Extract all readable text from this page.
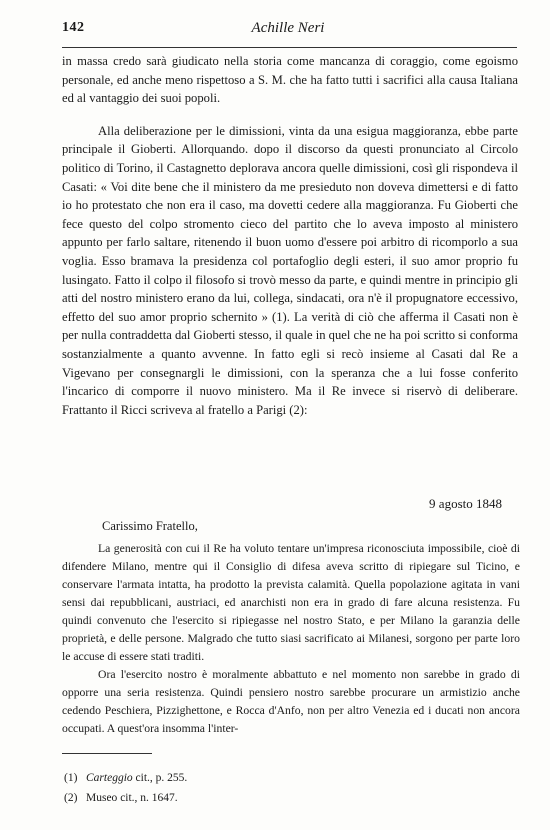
Achille Neri
142

in massa credo sarà giudicato nella storia come mancanza di coraggio, come egoismo personale, ed anche meno rispettoso a S. M. che ha fatto tutti i sacrifici alla causa Italiana ed al vantaggio dei suoi popoli.

Alla deliberazione per le dimissioni, vinta da una esigua maggioranza, ebbe parte principale il Gioberti. Allorquando. dopo il discorso da questi pronunciato al Circolo politico di Torino, il Castagnetto deplorava ancora quelle dimissioni, così gli rispondeva il Casati: « Voi dite bene che il ministero da me presieduto non doveva dimettersi e di fatto io ho protestato che non era il caso, ma dovetti cedere alla maggioranza. Fu Gioberti che fece questo del colpo stromento cieco del partito che lo aveva imposto al ministero appunto per farlo saltare, ritenendo il buon uomo d'essere poi arbitro di ricomporlo a sua voglia. Esso bramava la presidenza col portafoglio degli esteri, il suo amor proprio fu lusingato. Fatto il colpo il filosofo si trovò messo da parte, e quindi mentre in principio gli atti del nostro ministero erano da lui, collega, sindacati, ora n'è il propugnatore eccessivo, effetto del suo amor proprio schernito » (1). La verità di ciò che afferma il Casati non è per nulla contraddetta dal Gioberti stesso, il quale in quel che ne ha poi scritto si conforma sostanzialmente a quanto avvenne. In fatto egli si recò insieme al Casati dal Re a Vigevano per consegnargli le dimissioni, con la speranza che a lui fosse conferito l'incarico di comporre il nuovo ministero. Ma il Re invece si riservò di deliberare. Frattanto il Ricci scriveva al fratello a Parigi (2):

9 agosto 1848
Carissimo Fratello,

La generosità con cui il Re ha voluto tentare un'impresa riconosciuta impossibile, cioè di difendere Milano, mentre qui il Consiglio di difesa aveva scritto di ripiegare sul Ticino, e conservare l'armata intatta, ha prodotto la prevista calamità. Quella popolazione agitata in vani sensi dai repubblicani, austriaci, ed anarchisti non era in grado di fare alcuna resistenza. Fu quindi convenuto che l'esercito si ripiegasse nel nostro Stato, e per Milano la garanzia delle proprietà, e delle persone. Malgrado che tutto siasi sacrificato ai Milanesi, sorgono per parte loro le accuse di essere stati traditi.

Ora l'esercito nostro è moralmente abbattuto e nel momento non sarebbe in grado di opporre una seria resistenza. Quindi pensiero nostro sarebbe procurare un armistizio anche cedendo Peschiera, Pizzighettone, e Rocca d'Anfo, non per altro Venezia ed i ducati non ancora occupati. A quest'ora insomma l'inter-

(1) Carteggio cit., p. 255.
(2) Museo cit., n. 1647.
